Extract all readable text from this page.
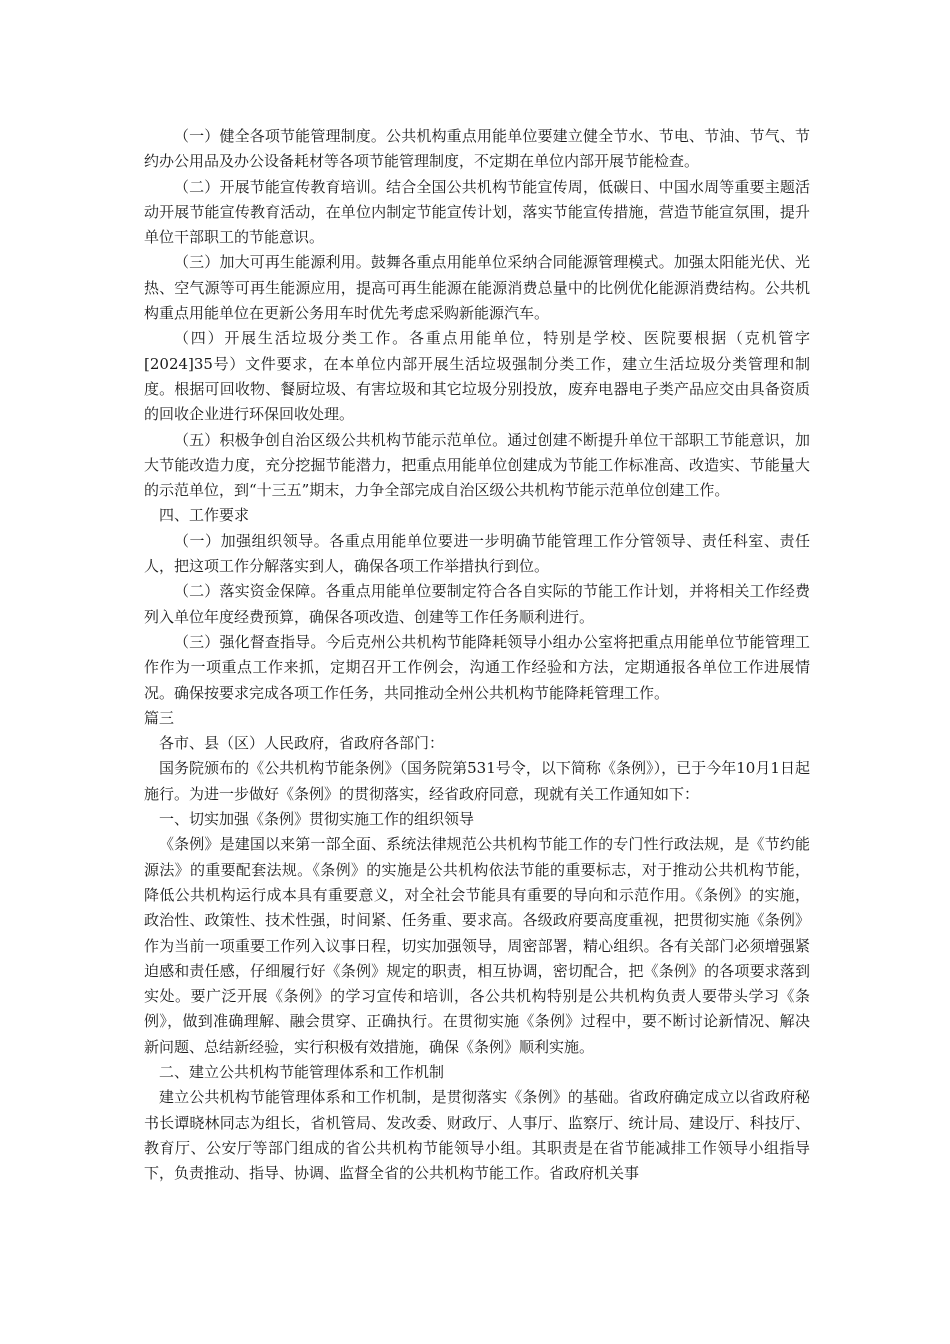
（一）健全各项节能管理制度。公共机构重点用能单位要建立健全节水、节电、节油、节气、节约办公用品及办公设备耗材等各项节能管理制度，不定期在单位内部开展节能检查。

（二）开展节能宣传教育培训。结合全国公共机构节能宣传周，低碳日、中国水周等重要主题活动开展节能宣传教育活动，在单位内制定节能宣传计划，落实节能宣传措施，营造节能宣氛围，提升单位干部职工的节能意识。

（三）加大可再生能源利用。鼓舞各重点用能单位采纳合同能源管理模式。加强太阳能光伏、光热、空气源等可再生能源应用，提高可再生能源在能源消费总量中的比例优化能源消费结构。公共机构重点用能单位在更新公务用车时优先考虑采购新能源汽车。

（四）开展生活垃圾分类工作。各重点用能单位，特别是学校、医院要根据（克机管字[2024]35号）文件要求，在本单位内部开展生活垃圾强制分类工作，建立生活垃圾分类管理和制度。根据可回收物、餐厨垃圾、有害垃圾和其它垃圾分别投放，废弃电器电子类产品应交由具备资质的回收企业进行环保回收处理。

（五）积极争创自治区级公共机构节能示范单位。通过创建不断提升单位干部职工节能意识，加大节能改造力度，充分挖掘节能潜力，把重点用能单位创建成为节能工作标准高、改造实、节能量大的示范单位，到“十三五”期末，力争全部完成自治区级公共机构节能示范单位创建工作。

四、工作要求

（一）加强组织领导。各重点用能单位要进一步明确节能管理工作分管领导、责任科室、责任人，把这项工作分解落实到人，确保各项工作举措执行到位。

（二）落实资金保障。各重点用能单位要制定符合各自实际的节能工作计划，并将相关工作经费列入单位年度经费预算，确保各项改造、创建等工作任务顺利进行。

（三）强化督查指导。今后克州公共机构节能降耗领导小组办公室将把重点用能单位节能管理工作作为一项重点工作来抓，定期召开工作例会，沟通工作经验和方法，定期通报各单位工作进展情况。确保按要求完成各项工作任务，共同推动全州公共机构节能降耗管理工作。

篇三

各市、县（区）人民政府，省政府各部门：

国务院颁布的《公共机构节能条例》（国务院第531号令，以下简称《条例》），已于今年10月1日起施行。为进一步做好《条例》的贯彻落实，经省政府同意，现就有关工作通知如下：

一、切实加强《条例》贯彻实施工作的组织领导

《条例》是建国以来第一部全面、系统法律规范公共机构节能工作的专门性行政法规，是《节约能源法》的重要配套法规。《条例》的实施是公共机构依法节能的重要标志，对于推动公共机构节能，降低公共机构运行成本具有重要意义，对全社会节能具有重要的导向和示范作用。《条例》的实施，政治性、政策性、技术性强，时间紧、任务重、要求高。各级政府要高度重视，把贯彻实施《条例》作为当前一项重要工作列入议事日程，切实加强领导，周密部署，精心组织。各有关部门必须增强紧迫感和责任感，仔细履行好《条例》规定的职责，相互协调，密切配合，把《条例》的各项要求落到实处。要广泛开展《条例》的学习宣传和培训，各公共机构特别是公共机构负责人要带头学习《条例》，做到准确理解、融会贯穿、正确执行。在贯彻实施《条例》过程中，要不断讨论新情况、解决新问题、总结新经验，实行积极有效措施，确保《条例》顺利实施。

二、建立公共机构节能管理体系和工作机制

建立公共机构节能管理体系和工作机制，是贯彻落实《条例》的基础。省政府确定成立以省政府秘书长谭晓林同志为组长，省机管局、发改委、财政厅、人事厅、监察厅、统计局、建设厅、科技厅、教育厅、公安厅等部门组成的省公共机构节能领导小组。其职责是在省节能减排工作领导小组指导下，负责推动、指导、协调、监督全省的公共机构节能工作。省政府机关事
